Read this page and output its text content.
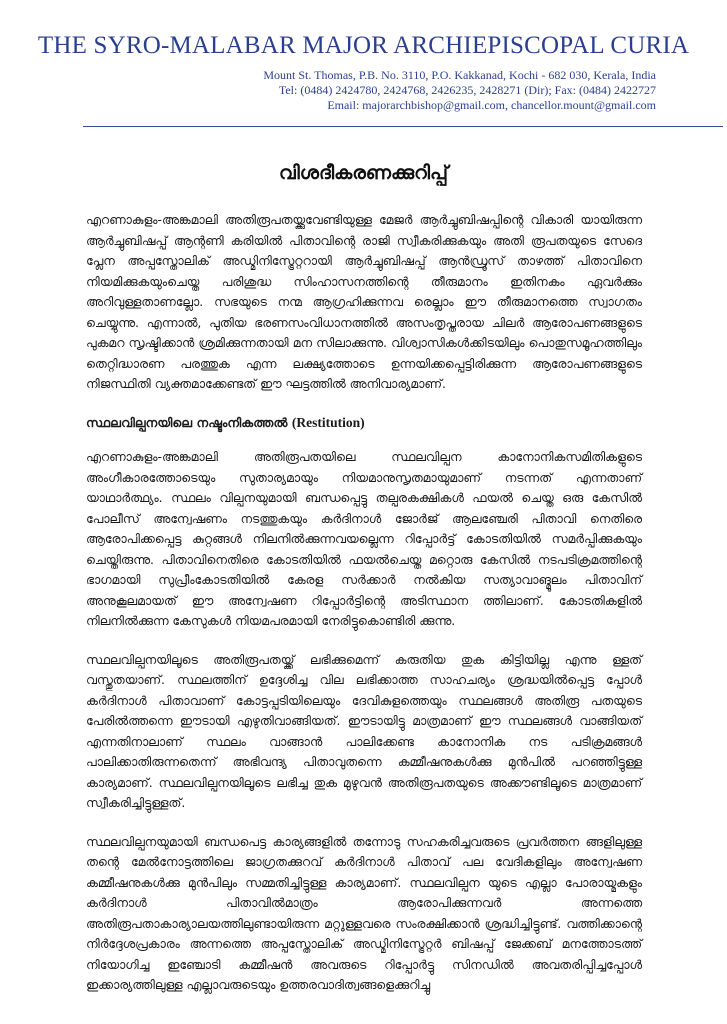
THE SYRO-MALABAR MAJOR ARCHIEPISCOPAL CURIA
Mount St. Thomas, P.B. No. 3110, P.O. Kakkanad, Kochi - 682 030, Kerala, India
Tel: (0484) 2424780, 2424768, 2426235, 2428271 (Dir); Fax: (0484) 2422727
Email: majorarchbishop@gmail.com, chancellor.mount@gmail.com
വിശദീകരണക്കുറിപ്പ്

എറണാകുളം-അങ്കമാലി അതിരൂപതയ്ക്കുവേണ്ടിയുള്ള മേജർ ആർച്ചുബിഷപ്പിന്റെ വികാരി യായിരുന്ന ആർച്ചുബിഷപ്പ് ആന്റണി കരിയിൽ പിതാവിന്റെ രാജി സ്വീകരിക്കുകയും അതി രൂപതയുടെ സേദെ പ്ലേന അപ്പസ്തോലിക് അഡ്മിനിസ്ട്രേറ്ററായി ആർച്ചുബിഷപ്പ് ആൻഡ്രൂസ് താഴത്ത് പിതാവിനെ നിയമിക്കുകയുംചെയ്ത പരിശുദ്ധ സിംഹാസനത്തിന്റെ തീരുമാനം ഇതിനകം ഏവർക്കും അറിവുള്ളതാണല്ലോ. സഭയുടെ നന്മ ആഗ്രഹിക്കുന്നവ രെല്ലാം ഈ തീരുമാനത്തെ സ്വാഗതം ചെയ്യുന്നു. എന്നാൽ, പുതിയ ഭരണസംവിധാനത്തിൽ അസംതൃപ്തരായ ചിലർ ആരോപണങ്ങളുടെ പുകമറ സൃഷ്ടിക്കാൻ ശ്രമിക്കുന്നതായി മന സിലാക്കുന്നു. വിശ്വാസികൾക്കിടയിലും പൊതുസമൂഹത്തിലും തെറ്റിദ്ധാരണ പരത്തുക എന്ന ലക്ഷ്യത്തോടെ ഉന്നയിക്കപ്പെട്ടിരിക്കുന്ന ആരോപണങ്ങളുടെ നിജസ്ഥിതി വ്യക്തമാക്കേണ്ടത് ഈ ഘട്ടത്തിൽ അനിവാര്യമാണ്.

സ്ഥലവില്പനയിലെ നഷ്ടംനികത്തൽ (Restitution)

എറണാകുളം-അങ്കമാലി അതിരൂപതയിലെ സ്ഥലവില്പന കാനോനികസമിതികളുടെ അംഗീകാരത്തോടെയും സുതാര്യമായും നിയമാനുസൃതമായുമാണ് നടന്നത് എന്നതാണ് യാഥാർത്ഥ്യം. സ്ഥലം വില്പനയുമായി ബന്ധപ്പെട്ടു തല്പരകക്ഷികൾ ഫയൽ ചെയ്ത ഒരു കേസിൽ പോലീസ് അന്വേഷണം നടത്തുകയും കർദിനാൾ ജോർജ് ആലഞ്ചേരി പിതാവി നെതിരെ ആരോപിക്കപ്പെട്ട കുറ്റങ്ങൾ നിലനിൽക്കുന്നവയല്ലെന്ന റിപ്പോർട്ട് കോടതിയിൽ സമർപ്പിക്കുകയും ചെയ്തിരുന്നു. പിതാവിനെതിരെ കോടതിയിൽ ഫയൽചെയ്ത മറ്റൊരു കേസിൽ നടപടിക്രമത്തിന്റെ ഭാഗമായി സുപ്രീംകോടതിയിൽ കേരള സർക്കാർ നൽകിയ സത്യാവാങ്മൂലം പിതാവിന് അനുകൂലമായത് ഈ അന്വേഷണ റിപ്പോർട്ടിന്റെ അടിസ്ഥാന ത്തിലാണ്. കോടതികളിൽ നിലനിൽക്കുന്ന കേസുകൾ നിയമപരമായി നേരിട്ടുകൊണ്ടിരി ക്കുന്നു.

സ്ഥലവില്പനയിലൂടെ അതിരൂപതയ്ക്ക് ലഭിക്കുമെന്ന് കരുതിയ തുക കിട്ടിയില്ല എന്നു ള്ളത് വസ്തുതയാണ്. സ്ഥലത്തിന് ഉദ്ദേശിച്ച വില ലഭിക്കാത്ത സാഹചര്യം ശ്രദ്ധയിൽപ്പെട്ട പ്പോൾ കർദിനാൾ പിതാവാണ് കോട്ടപ്പടിയിലെയും ദേവികുളത്തെയും സ്ഥലങ്ങൾ അതിരൂ പതയുടെ പേരിൽത്തന്നെ ഈടായി എഴുതിവാങ്ങിയത്. ഈടായിട്ടു മാത്രമാണ് ഈ സ്ഥലങ്ങൾ വാങ്ങിയത് എന്നതിനാലാണ് സ്ഥലം വാങ്ങാൻ പാലിക്കേണ്ട കാനോനിക നട പടിക്രമങ്ങൾ പാലിക്കാതിരുന്നതെന്ന് അഭിവന്ദ്യ പിതാവുതന്നെ കമ്മീഷനുകൾക്കു മുൻപിൽ പറഞ്ഞിട്ടുള്ള കാര്യമാണ്. സ്ഥലവില്പനയിലൂടെ ലഭിച്ച തുക മുഴുവൻ അതിരൂപതയുടെ അക്കൗണ്ടിലൂടെ മാത്രമാണ് സ്വീകരിച്ചിട്ടുള്ളത്.

സ്ഥലവില്പനയുമായി ബന്ധപെട്ട കാര്യങ്ങളിൽ തന്നോടു സഹകരിച്ചവരുടെ പ്രവർത്തന ങ്ങളിലുള്ള തന്റെ മേൽനോട്ടത്തിലെ ജാഗ്രതക്കുറവ് കർദിനാൾ പിതാവ് പല വേദികളിലും അന്വേഷണ കമ്മീഷനുകൾക്കു മുൻപിലും സമ്മതിച്ചിട്ടുള്ള കാര്യമാണ്. സ്ഥലവില്പന യുടെ എല്ലാ പോരായ്മകളും കർദിനാൾ പിതാവിൽമാത്രം ആരോപിക്കുന്നവർ അന്നത്തെ അതിരൂപതാകാര്യാലയത്തിലുണ്ടായിരുന്ന മറ്റുള്ളവരെ സംരക്ഷിക്കാൻ ശ്രദ്ധിച്ചിട്ടുണ്ട്. വത്തിക്കാന്റെ നിർദ്ദേശപ്രകാരം അന്നത്തെ അപ്പസ്തോലിക് അഡ്മിനിസ്ട്രേറ്റർ ബിഷപ്പ് ജേക്കബ് മനത്തോടത്ത് നിയോഗിച്ച ഇഞ്ചോടി കമ്മീഷൻ അവരുടെ റിപ്പോർട്ടു സിനഡിൽ അവതരിപ്പിച്ചപ്പോൾ ഇക്കാര്യത്തിലുള്ള എല്ലാവരുടെയും ഉത്തരവാദിത്വങ്ങളെക്കുറിച്ചു
